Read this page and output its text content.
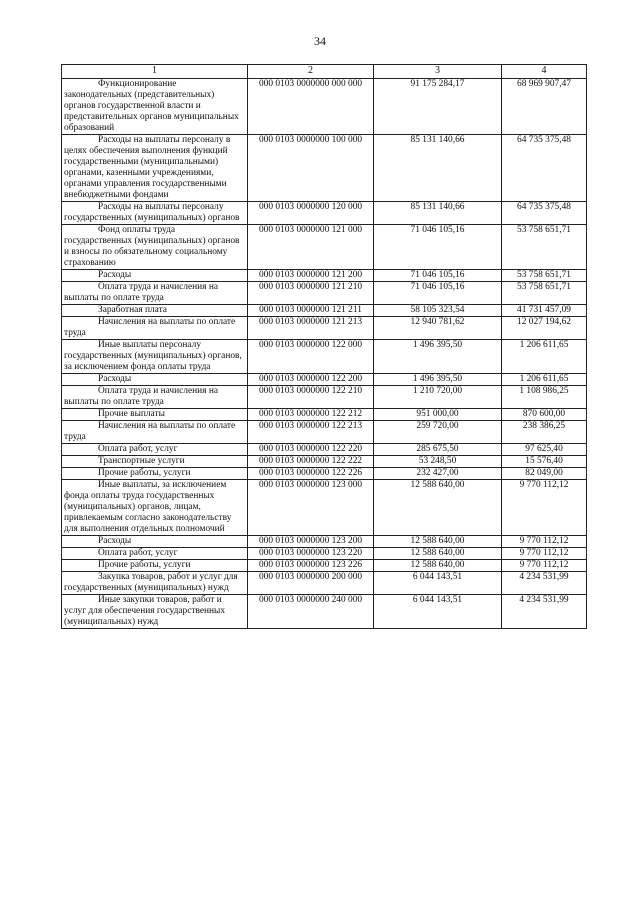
34
1	2	3	4
Функционирование законодательных (представительных) органов государственной власти и представительных органов муниципальных образований	000 0103 0000000 000 000	91 175 284,17	68 969 907,47
Расходы на выплаты персоналу в целях обеспечения выполнения функций государственными (муниципальными) органами, казенными учреждениями, органами управления государственными внебюджетными фондами	000 0103 0000000 100 000	85 131 140,66	64 735 375,48
Расходы на выплаты персоналу государственных (муниципальных) органов	000 0103 0000000 120 000	85 131 140,66	64 735 375,48
Фонд оплаты труда государственных (муниципальных) органов и взносы по обязательному социальному страхованию	000 0103 0000000 121 000	71 046 105,16	53 758 651,71
Расходы	000 0103 0000000 121 200	71 046 105,16	53 758 651,71
Оплата труда и начисления на выплаты по оплате труда	000 0103 0000000 121 210	71 046 105,16	53 758 651,71
Заработная плата	000 0103 0000000 121 211	58 105 323,54	41 731 457,09
Начисления на выплаты по оплате труда	000 0103 0000000 121 213	12 940 781,62	12 027 194,62
Иные выплаты персоналу государственных (муниципальных) органов, за исключением фонда оплаты труда	000 0103 0000000 122 000	1 496 395,50	1 206 611,65
Расходы	000 0103 0000000 122 200	1 496 395,50	1 206 611,65
Оплата труда и начисления на выплаты по оплате труда	000 0103 0000000 122 210	1 210 720,00	1 108 986,25
Прочие выплаты	000 0103 0000000 122 212	951 000,00	870 600,00
Начисления на выплаты по оплате труда	000 0103 0000000 122 213	259 720,00	238 386,25
Оплата работ, услуг	000 0103 0000000 122 220	285 675,50	97 625,40
Транспортные услуги	000 0103 0000000 122 222	53 248,50	15 576,40
Прочие работы, услуги	000 0103 0000000 122 226	232 427,00	82 049,00
Иные выплаты, за исключением фонда оплаты труда государственных (муниципальных) органов, лицам, привлекаемым согласно законодательству для выполнения отдельных полномочий	000 0103 0000000 123 000	12 588 640,00	9 770 112,12
Расходы	000 0103 0000000 123 200	12 588 640,00	9 770 112,12
Оплата работ, услуг	000 0103 0000000 123 220	12 588 640,00	9 770 112,12
Прочие работы, услуги	000 0103 0000000 123 226	12 588 640,00	9 770 112,12
Закупка товаров, работ и услуг для государственных (муниципальных) нужд	000 0103 0000000 200 000	6 044 143,51	4 234 531,99
Иные закупки товаров, работ и услуг для обеспечения государственных (муниципальных) нужд	000 0103 0000000 240 000	6 044 143,51	4 234 531,99
